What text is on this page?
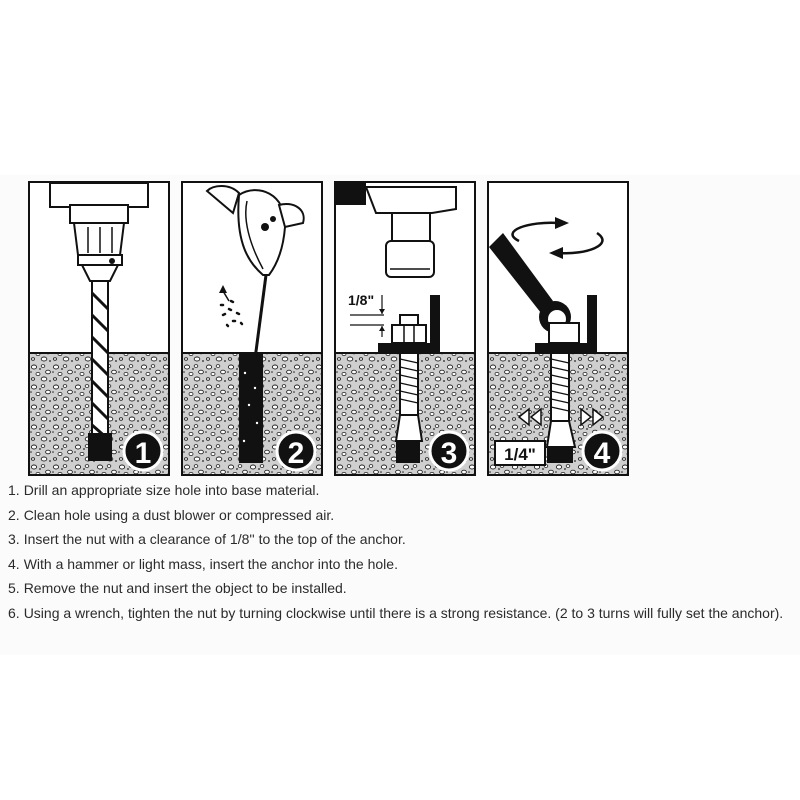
1	2
1/8"
3	1/4" 4
1. Drill an appropriate size hole into base material.
2. Clean hole using a dust blower or compressed air.
3. Insert the nut with a clearance of 1/8'' to the top of the anchor.
4. With a hammer or light mass, insert the anchor into the hole.
5. Remove the nut and insert the object to be installed.
6. Using a wrench, tighten the nut by turning clockwise until there is a strong resistance. (2 to 3 turns will fully set the anchor).
